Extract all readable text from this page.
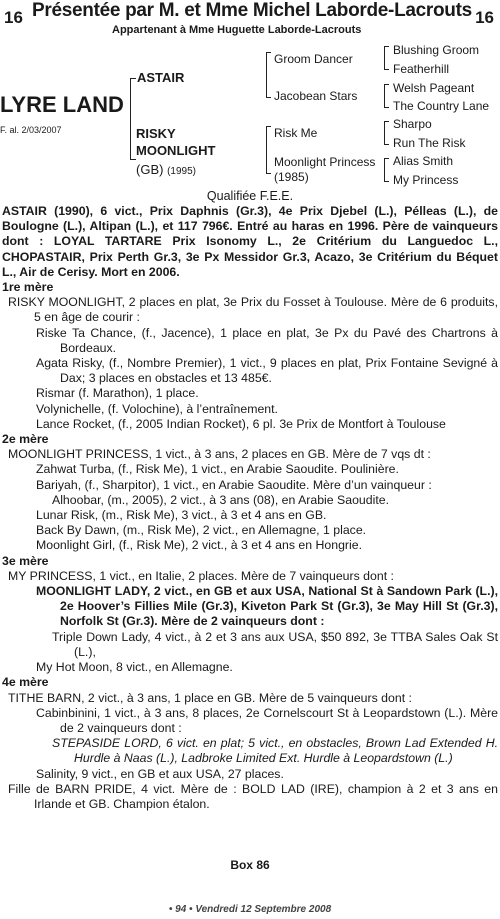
16	16
Présentée par M. et Mme Michel Laborde-Lacrouts
Appartenant à Mme Huguette Laborde-Lacrouts
LYRE LAND
F. al. 2/03/2007
ASTAIR
RISKY
MOONLIGHT
(GB) (1995)
Groom Dancer
Jacobean Stars
Risk Me
Moonlight Princess
(1985)
Blushing Groom
Featherhill
Welsh Pageant
The Country Lane
Sharpo
Run The Risk
Alias Smith
My Princess
Qualifiée F.E.E.

ASTAIR (1990), 6 vict., Prix Daphnis (Gr.3), 4e Prix Djebel (L.), Pélleas (L.), de Boulogne (L.), Altipan (L.), et 117 796€. Entré au haras en 1996. Père de vainqueurs dont : LOYAL TARTARE Prix Isonomy L., 2e Critérium du Languedoc L., CHOPASTAIR, Prix Perth Gr.3, 3e Px Messidor Gr.3, Acazo, 3e Critérium du Béquet L., Air de Cerisy. Mort en 2006.

1re mère

RISKY MOONLIGHT, 2 places en plat, 3e Prix du Fosset à Toulouse. Mère de 6 produits, 5 en âge de courir :

Riske Ta Chance, (f., Jacence), 1 place en plat, 3e Px du Pavé des Chartrons à Bordeaux.

Agata Risky, (f., Nombre Premier), 1 vict., 9 places en plat, Prix Fontaine Sevigné à Dax; 3 places en obstacles et 13 485€.

Rismar (f. Marathon), 1 place.

Volynichelle, (f. Volochine), à l’entraînement.

Lance Rocket, (f., 2005 Indian Rocket), 6 pl. 3e Prix de Montfort à Toulouse

2e mère

MOONLIGHT PRINCESS, 1 vict., à 3 ans, 2 places en GB. Mère de 7 vqs dt :

Zahwat Turba, (f., Risk Me), 1 vict., en Arabie Saoudite. Poulinière.

Bariyah, (f., Sharpitor), 1 vict., en Arabie Saoudite. Mère d’un vainqueur :

Alhoobar, (m., 2005), 2 vict., à 3 ans (08), en Arabie Saoudite.

Lunar Risk, (m., Risk Me), 3 vict., à 3 et 4 ans en GB.

Back By Dawn, (m., Risk Me), 2 vict., en Allemagne, 1 place.

Moonlight Girl, (f., Risk Me), 2 vict., à 3 et 4 ans en Hongrie.

3e mère

MY PRINCESS, 1 vict., en Italie, 2 places. Mère de 7 vainqueurs dont :

MOONLIGHT LADY, 2 vict., en GB et aux USA, National St à Sandown Park (L.), 2e Hoover’s Fillies Mile (Gr.3), Kiveton Park St (Gr.3), 3e May Hill St (Gr.3), Norfolk St (Gr.3). Mère de 2 vainqueurs dont :

Triple Down Lady, 4 vict., à 2 et 3 ans aux USA, $50 892, 3e TTBA Sales Oak St (L.),

My Hot Moon, 8 vict., en Allemagne.

4e mère

TITHE BARN, 2 vict., à 3 ans, 1 place en GB. Mère de 5 vainqueurs dont :

Cabinbinini, 1 vict., à 3 ans, 8 places, 2e Cornelscourt St à Leopardstown (L.). Mère de 2 vainqueurs dont :

STEPASIDE LORD, 6 vict. en plat; 5 vict., en obstacles, Brown Lad Extended H. Hurdle à Naas (L.), Ladbroke Limited Ext. Hurdle à Leopardstown (L.)

Salinity, 9 vict., en GB et aux USA, 27 places.

Fille de BARN PRIDE, 4 vict. Mère de : BOLD LAD (IRE), champion à 2 et 3 ans en Irlande et GB. Champion étalon.

Box 86
• 94 • Vendredi 12 Septembre 2008
